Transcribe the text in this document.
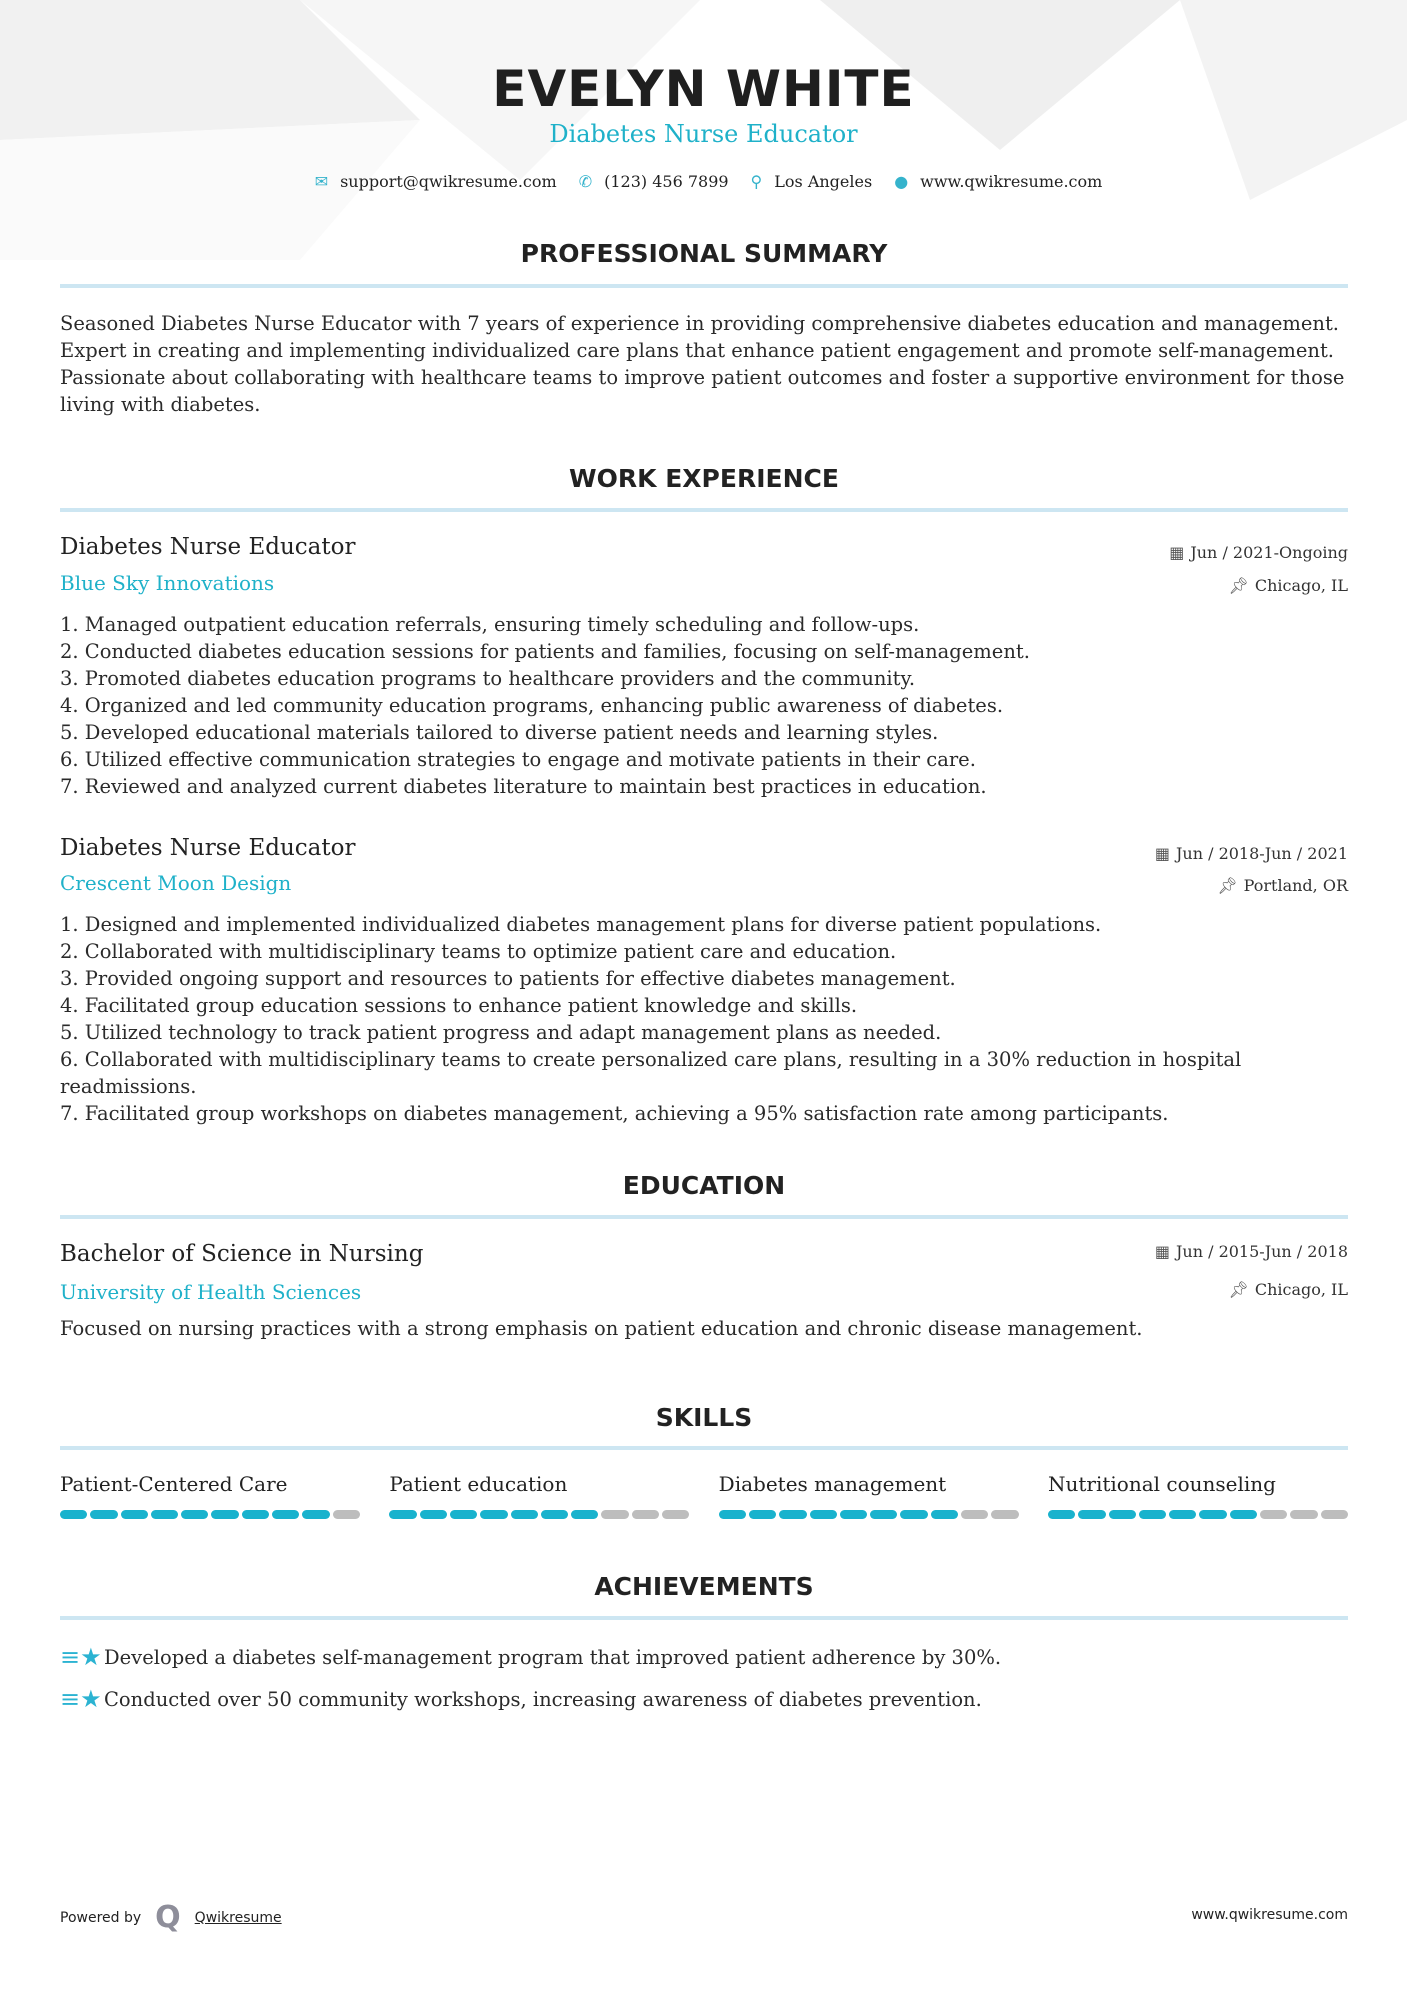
EVELYN WHITE
Diabetes Nurse Educator
✉ support@qwikresume.com ✆ (123) 456 7899 ⚲ Los Angeles ● www.qwikresume.com
PROFESSIONAL SUMMARY
Seasoned Diabetes Nurse Educator with 7 years of experience in providing comprehensive diabetes education and management. Expert in creating and implementing individualized care plans that enhance patient engagement and promote self-management. Passionate about collaborating with healthcare teams to improve patient outcomes and foster a supportive environment for those living with diabetes.
WORK EXPERIENCE
Diabetes Nurse Educator
Blue Sky Innovations
▦ Jun / 2021-Ongoing
📌︎ Chicago, IL
1. Managed outpatient education referrals, ensuring timely scheduling and follow-ups.
2. Conducted diabetes education sessions for patients and families, focusing on self-management.
3. Promoted diabetes education programs to healthcare providers and the community.
4. Organized and led community education programs, enhancing public awareness of diabetes.
5. Developed educational materials tailored to diverse patient needs and learning styles.
6. Utilized effective communication strategies to engage and motivate patients in their care.
7. Reviewed and analyzed current diabetes literature to maintain best practices in education.
Diabetes Nurse Educator
Crescent Moon Design
▦ Jun / 2018-Jun / 2021
📌︎ Portland, OR
1. Designed and implemented individualized diabetes management plans for diverse patient populations.
2. Collaborated with multidisciplinary teams to optimize patient care and education.
3. Provided ongoing support and resources to patients for effective diabetes management.
4. Facilitated group education sessions to enhance patient knowledge and skills.
5. Utilized technology to track patient progress and adapt management plans as needed.
6. Collaborated with multidisciplinary teams to create personalized care plans, resulting in a 30% reduction in hospital readmissions.
7. Facilitated group workshops on diabetes management, achieving a 95% satisfaction rate among participants.
EDUCATION
Bachelor of Science in Nursing
University of Health Sciences
▦ Jun / 2015-Jun / 2018
📌︎ Chicago, IL
Focused on nursing practices with a strong emphasis on patient education and chronic disease management.
SKILLS
Patient-Centered Care	Patient education	Diabetes management	Nutritional counseling
ACHIEVEMENTS
≡★ Developed a diabetes self-management program that improved patient adherence by 30%.
≡★ Conducted over 50 community workshops, increasing awareness of diabetes prevention.
Powered by Q Qwikresume	www.qwikresume.com
